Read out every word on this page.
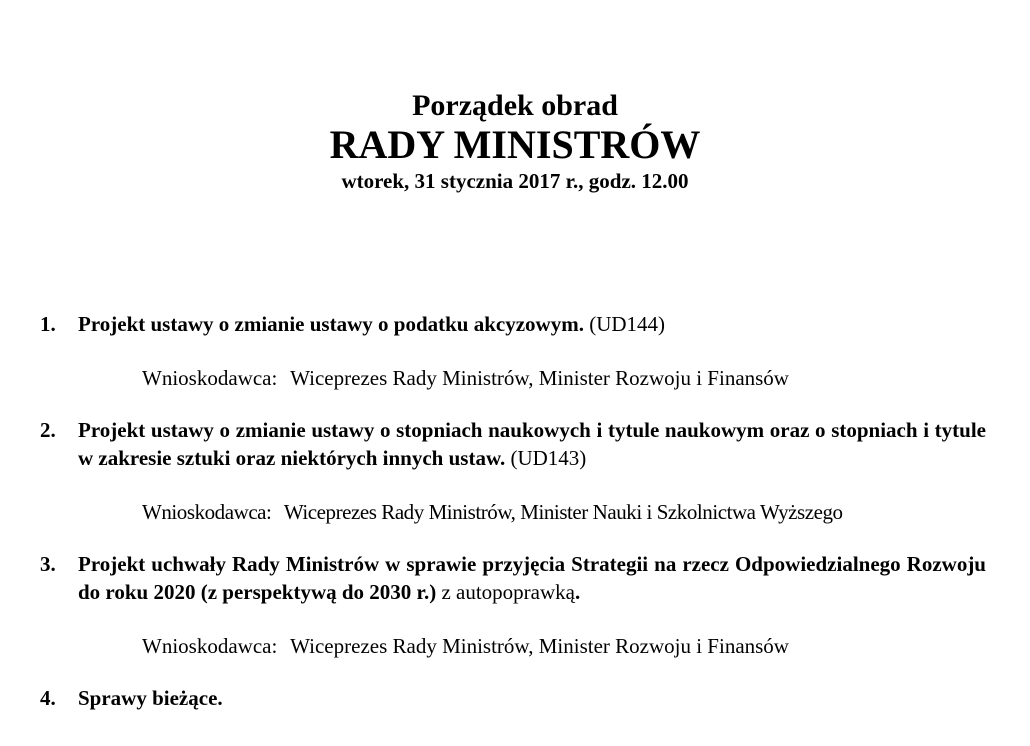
Porządek obrad
RADY MINISTRÓW
wtorek, 31 stycznia 2017 r., godz. 12.00
1. Projekt ustawy o zmianie ustawy o podatku akcyzowym. (UD144)
Wnioskodawca: Wiceprezes Rady Ministrów, Minister Rozwoju i Finansów
2. Projekt ustawy o zmianie ustawy o stopniach naukowych i tytule naukowym oraz o stopniach i tytule w zakresie sztuki oraz niektórych innych ustaw. (UD143)
Wnioskodawca: Wiceprezes Rady Ministrów, Minister Nauki i Szkolnictwa Wyższego
3. Projekt uchwały Rady Ministrów w sprawie przyjęcia Strategii na rzecz Odpowiedzialnego Rozwoju do roku 2020 (z perspektywą do 2030 r.) z autopoprawką.
Wnioskodawca: Wiceprezes Rady Ministrów, Minister Rozwoju i Finansów
4. Sprawy bieżące.
